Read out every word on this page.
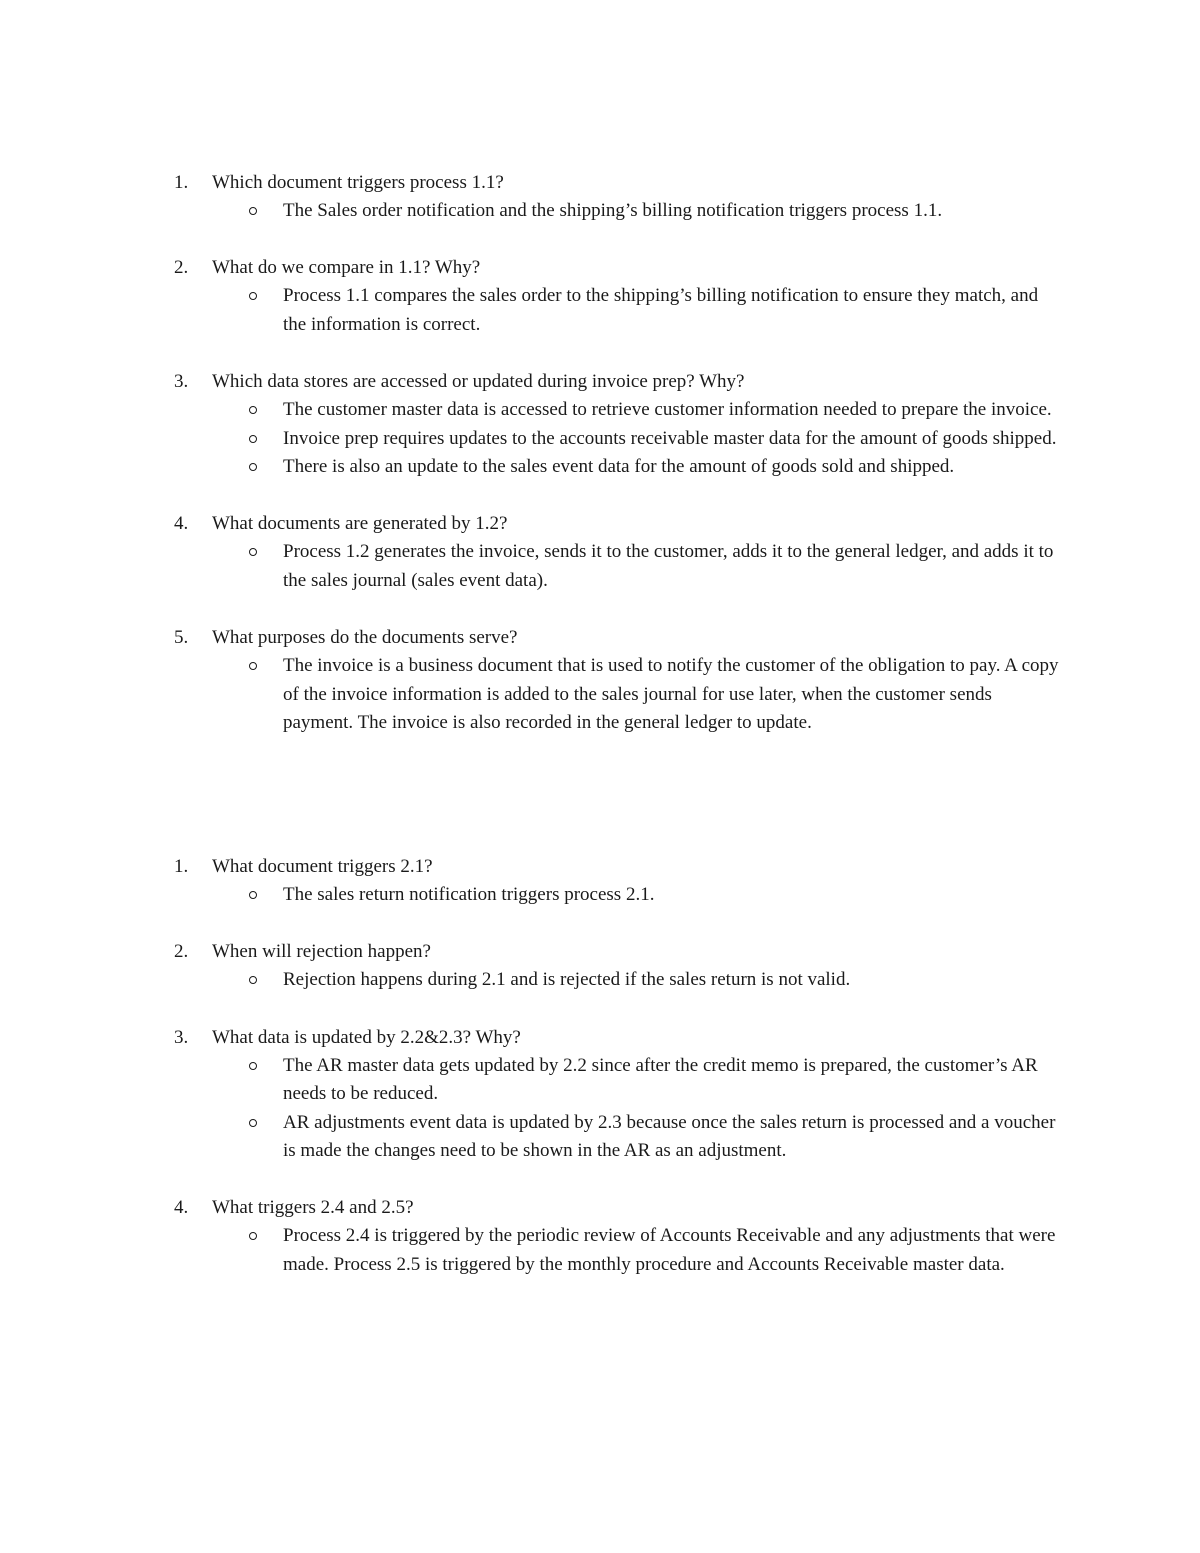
1. Which document triggers process 1.1?
The Sales order notification and the shipping’s billing notification triggers process 1.1.
2. What do we compare in 1.1? Why?
Process 1.1 compares the sales order to the shipping’s billing notification to ensure they match, and the information is correct.
3. Which data stores are accessed or updated during invoice prep? Why?
The customer master data is accessed to retrieve customer information needed to prepare the invoice.
Invoice prep requires updates to the accounts receivable master data for the amount of goods shipped.
There is also an update to the sales event data for the amount of goods sold and shipped.
4. What documents are generated by 1.2?
Process 1.2 generates the invoice, sends it to the customer, adds it to the general ledger, and adds it to the sales journal (sales event data).
5. What purposes do the documents serve?
The invoice is a business document that is used to notify the customer of the obligation to pay. A copy of the invoice information is added to the sales journal for use later, when the customer sends payment. The invoice is also recorded in the general ledger to update.
1. What document triggers 2.1?
The sales return notification triggers process 2.1.
2. When will rejection happen?
Rejection happens during 2.1 and is rejected if the sales return is not valid.
3. What data is updated by 2.2&2.3? Why?
The AR master data gets updated by 2.2 since after the credit memo is prepared, the customer’s AR needs to be reduced.
AR adjustments event data is updated by 2.3 because once the sales return is processed and a voucher is made the changes need to be shown in the AR as an adjustment.
4. What triggers 2.4 and 2.5?
Process 2.4 is triggered by the periodic review of Accounts Receivable and any adjustments that were made. Process 2.5 is triggered by the monthly procedure and Accounts Receivable master data.
